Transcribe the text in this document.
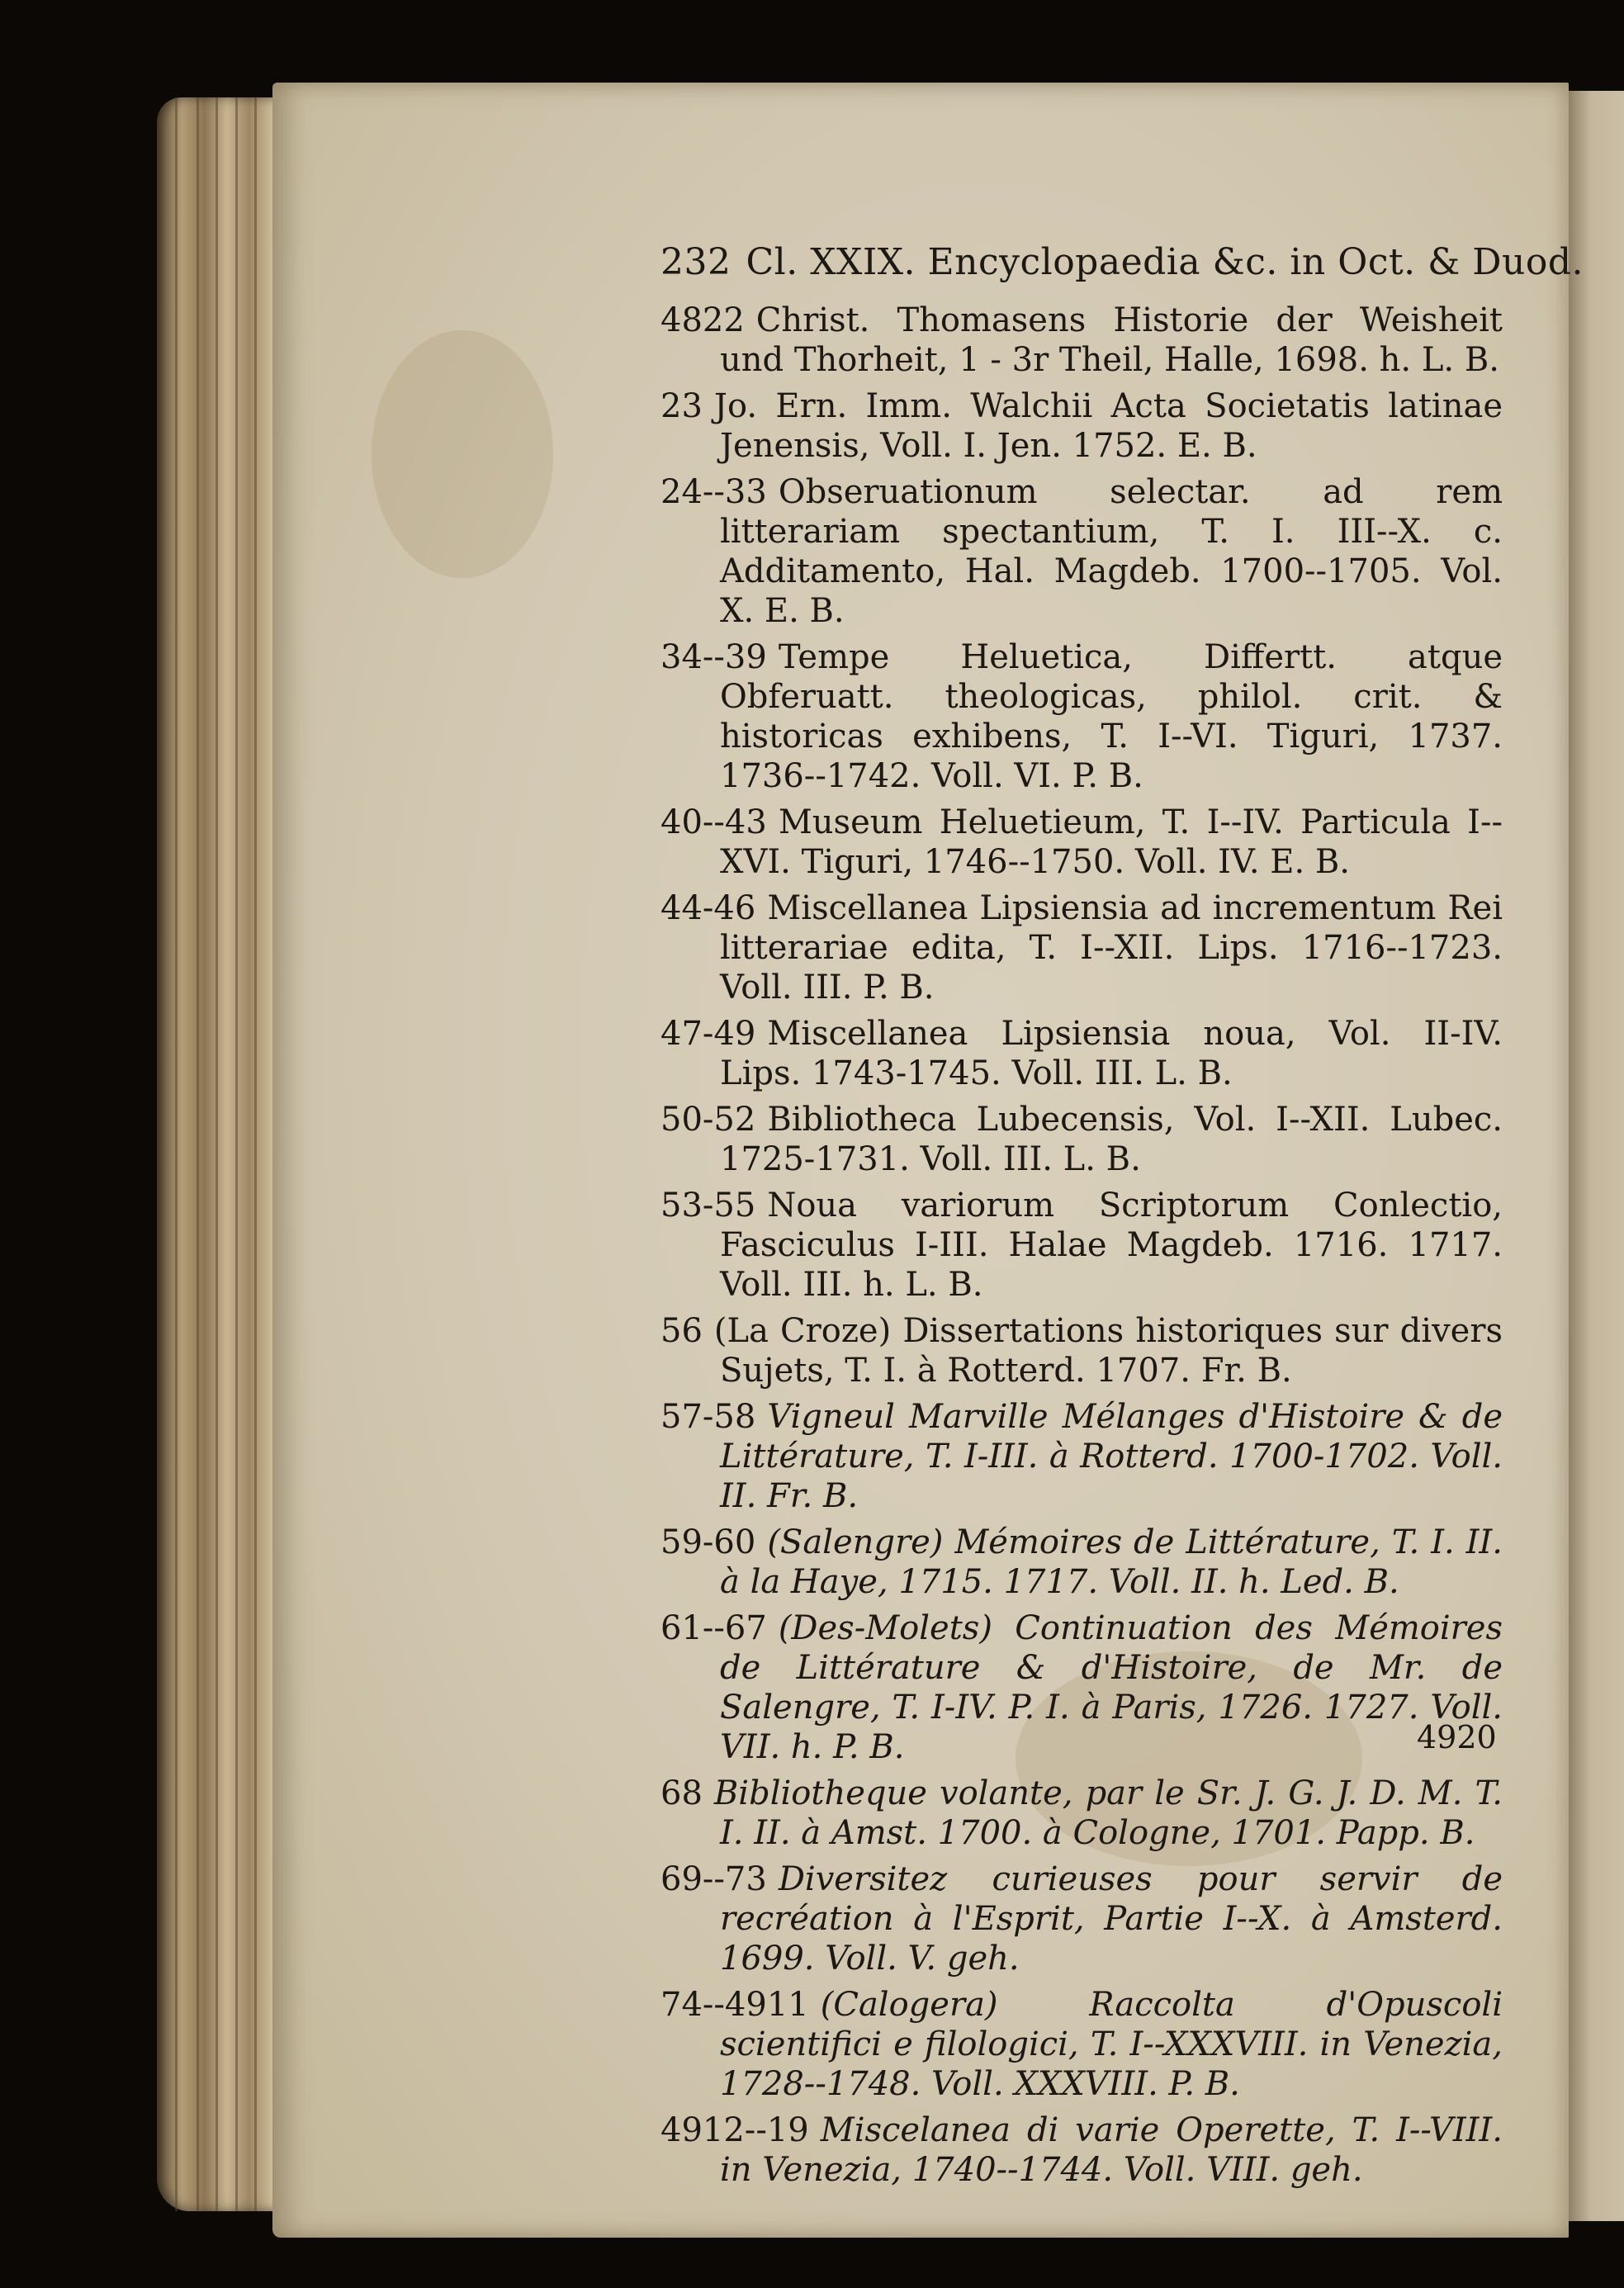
232 Cl. XXIX. Encyclopaedia &c. in Oct. & Duod.
4822 Christ. Thomasens Historie der Weisheit und Thorheit, 1 - 3r Theil, Halle, 1698. h. L. B.
23 Jo. Ern. Imm. Walchii Acta Societatis latinae Jenensis, Voll. I. Jen. 1752. E. B.
24--33 Obseruationum selectar. ad rem litterariam spectantium, T. I. III--X. c. Additamento, Hal. Magdeb. 1700--1705. Vol. X. E. B.
34--39 Tempe Heluetica, Differtt. atque Obferuatt. theologicas, philol. crit. & historicas exhibens, T. I--VI. Tiguri, 1737. 1736--1742. Voll. VI. P. B.
40--43 Museum Heluetieum, T. I--IV. Particula I--XVI. Tiguri, 1746--1750. Voll. IV. E. B.
44-46 Miscellanea Lipsiensia ad incrementum Rei litterariae edita, T. I--XII. Lips. 1716--1723. Voll. III. P. B.
47-49 Miscellanea Lipsiensia noua, Vol. II-IV. Lips. 1743-1745. Voll. III. L. B.
50-52 Bibliotheca Lubecensis, Vol. I--XII. Lubec. 1725-1731. Voll. III. L. B.
53-55 Noua variorum Scriptorum Conlectio, Fasciculus I-III. Halae Magdeb. 1716. 1717. Voll. III. h. L. B.
56 (La Croze) Dissertations historiques sur divers Sujets, T. I. à Rotterd. 1707. Fr. B.
57-58 Vigneul Marville Mélanges d'Histoire & de Littérature, T. I-III. à Rotterd. 1700-1702. Voll. II. Fr. B.
59-60 (Salengre) Mémoires de Littérature, T. I. II. à la Haye, 1715. 1717. Voll. II. h. Led. B.
61--67 (Des-Molets) Continuation des Mémoires de Littérature & d'Histoire, de Mr. de Salengre, T. I-IV. P. I. à Paris, 1726. 1727. Voll. VII. h. P. B.
68 Bibliotheque volante, par le Sr. J. G. J. D. M. T. I. II. à Amst. 1700. à Cologne, 1701. Papp. B.
69--73 Diversitez curieuses pour servir de recréation à l'Esprit, Partie I--X. à Amsterd. 1699. Voll. V. geh.
74--4911 (Calogera) Raccolta d'Opuscoli scientifici e filologici, T. I--XXXVIII. in Venezia, 1728--1748. Voll. XXXVIII. P. B.
4912--19 Miscelanea di varie Operette, T. I--VIII. in Venezia, 1740--1744. Voll. VIII. geh.
4920
